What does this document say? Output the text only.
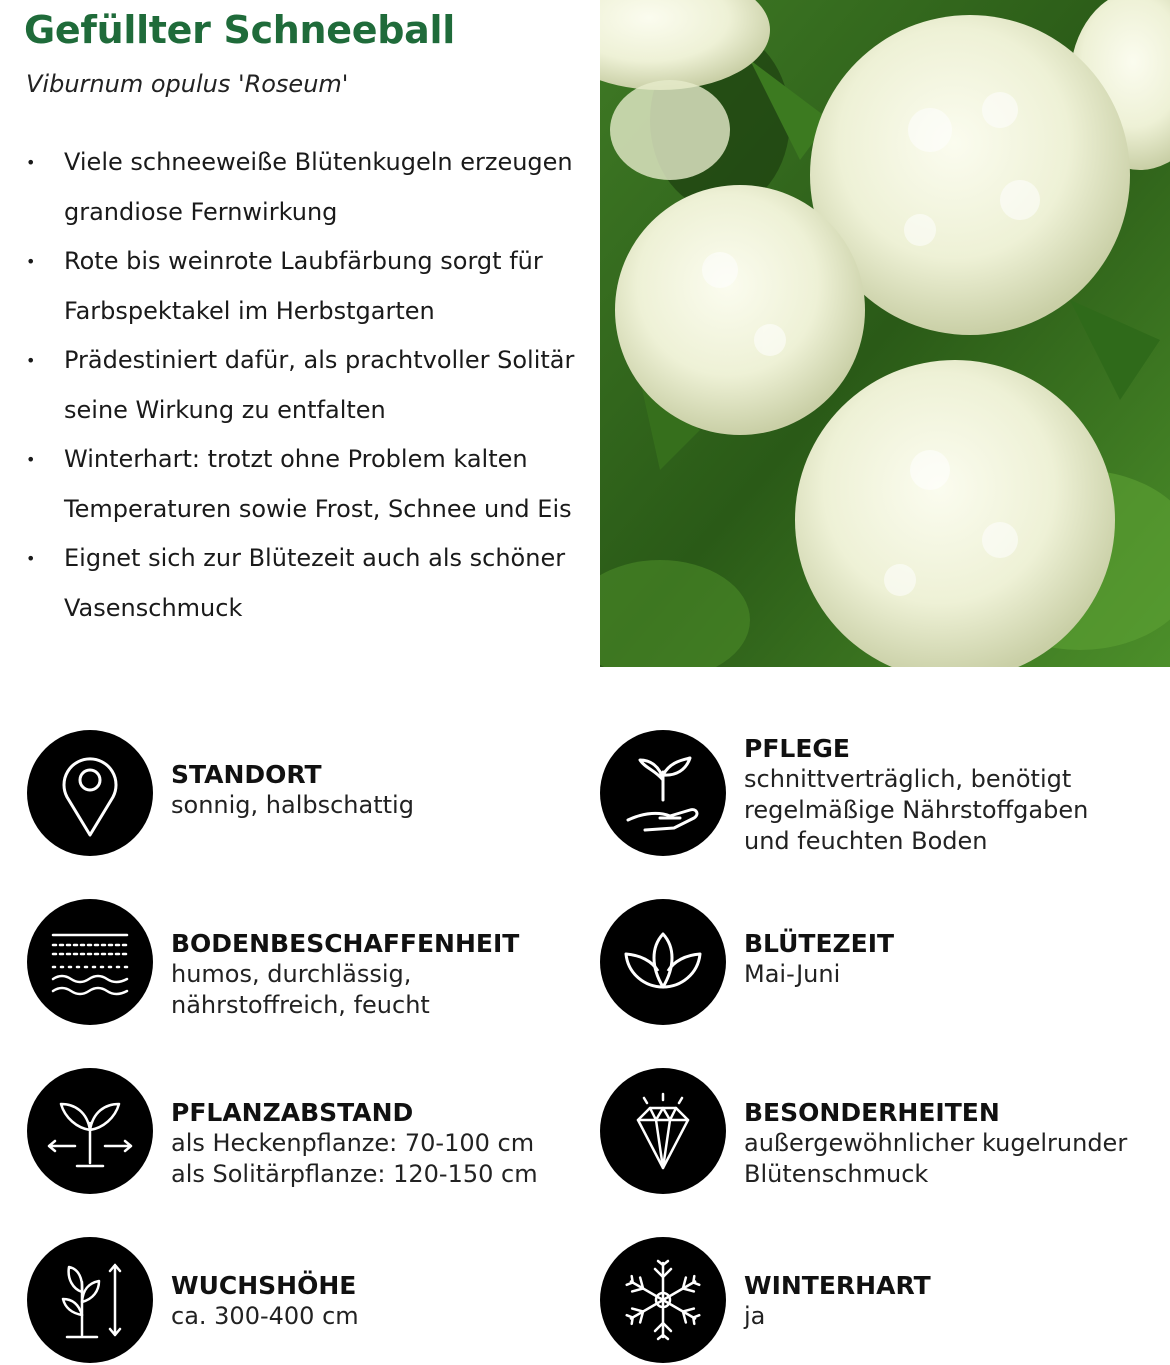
Gefüllter Schneeball
Viburnum opulus 'Roseum'
• Viele schneeweiße Blütenkugeln erzeugen grandiose Fernwirkung
• Rote bis weinrote Laubfärbung sorgt für Farbspektakel im Herbstgarten
• Prädestiniert dafür, als prachtvoller Solitär seine Wirkung zu entfalten
• Winterhart: trotzt ohne Problem kalten Temperaturen sowie Frost, Schnee und Eis
• Eignet sich zur Blütezeit auch als schöner Vasenschmuck
STANDORT
sonnig, halbschattig
PFLEGE
schnittverträglich, benötigt regelmäßige Nährstoffgaben und feuchten Boden
BODENBESCHAFFENHEIT
humos, durchlässig, nährstoffreich, feucht
BLÜTEZEIT
Mai-Juni
PFLANZABSTAND
als Heckenpflanze: 70-100 cm
als Solitärpflanze: 120-150 cm
BESONDERHEITEN
außergewöhnlicher kugelrunder Blütenschmuck
WUCHSHÖHE
ca. 300-400 cm
WINTERHART
ja
